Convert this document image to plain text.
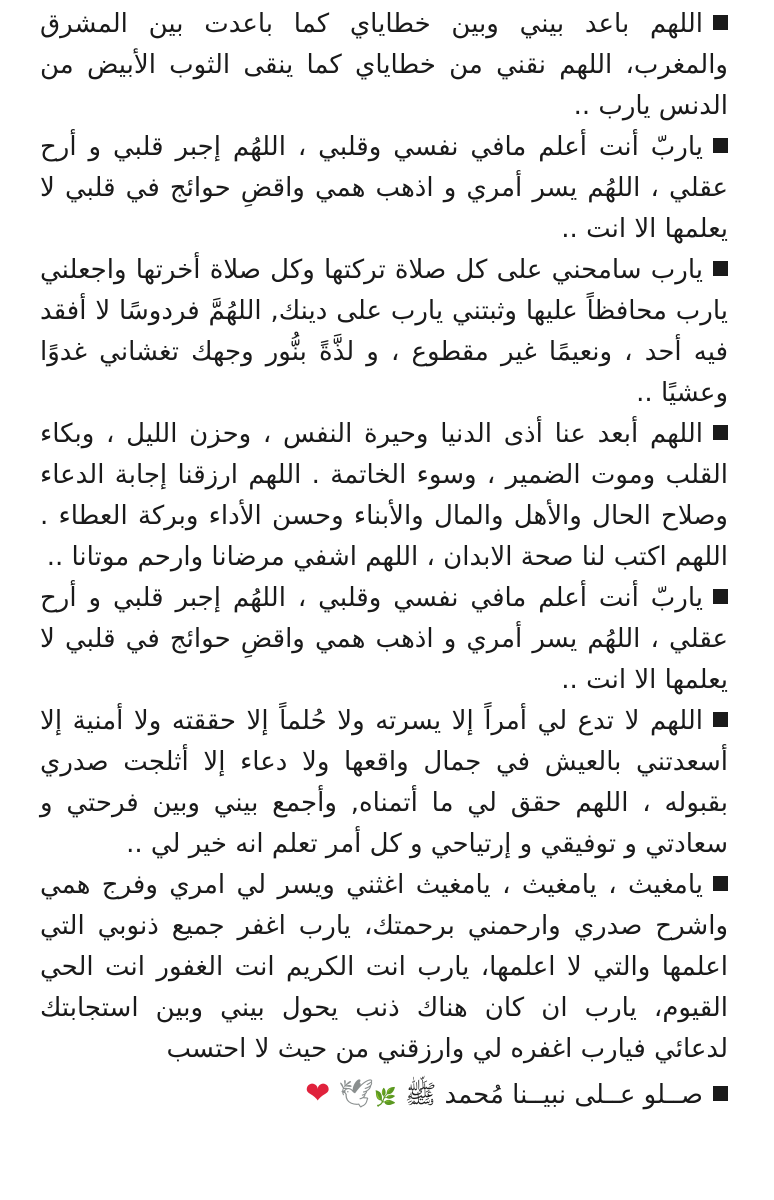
اللهم باعد بيني وبين خطاياي كما باعدت بين المشرق والمغرب، اللهم نقني من خطاياي كما ينقى الثوب الأبيض من الدنس يارب ..

ياربّ أنت أعلم مافي نفسي وقلبي ، اللهُم إجبر قلبي و أرح عقلي ، اللهُم يسر أمري و اذهب همي واقضِ حوائج في قلبي لا يعلمها الا انت ..

يارب سامحني على كل صلاة تركتها وكل صلاة أخرتها واجعلني يارب محافظاً عليها وثبتني يارب على دينك, اللهُمَّ فردوسًا لا أفقد فيه أحد ، ونعيمًا غير مقطوع ، و لذَّةً بنُّور وجهك تغشاني غدوًا وعشيًا ..

اللهم أبعد عنا أذى الدنيا وحيرة النفس ، وحزن الليل ، وبكاء القلب وموت الضمير ، وسوء الخاتمة . اللهم ارزقنا إجابة الدعاء وصلاح الحال والأهل والمال والأبناء وحسن الأداء وبركة العطاء . اللهم اكتب لنا صحة الابدان ، اللهم اشفي مرضانا وارحم موتانا ..

ياربّ أنت أعلم مافي نفسي وقلبي ، اللهُم إجبر قلبي و أرح عقلي ، اللهُم يسر أمري و اذهب همي واقضِ حوائج في قلبي لا يعلمها الا انت ..

اللهم لا تدع لي أمراً إلا يسرته ولا حُلماً إلا حققته ولا أمنية إلا أسعدتني بالعيش في جمال واقعها ولا دعاء إلا أثلجت صدري بقبوله ، اللهم حقق لي ما أتمناه, وأجمع بيني وبين فرحتي و سعادتي و توفيقي و إرتياحي و كل أمر تعلم انه خير لي ..

يامغيث ، يامغيث ، يامغيث اغثني ويسر لي امري وفرج همي واشرح صدري وارحمني برحمتك، يارب اغفر جميع ذنوبي التي اعلمها والتي لا اعلمها، يارب انت الكريم انت الغفور انت الحي القيوم، يارب ان كان هناك ذنب يحول بيني وبين استجابتك لدعائي فيارب اغفره لي وارزقني من حيث لا احتسب

صــلو عــلى نبيــنا مُحمد ﷺ 🌿🕊 ❤
